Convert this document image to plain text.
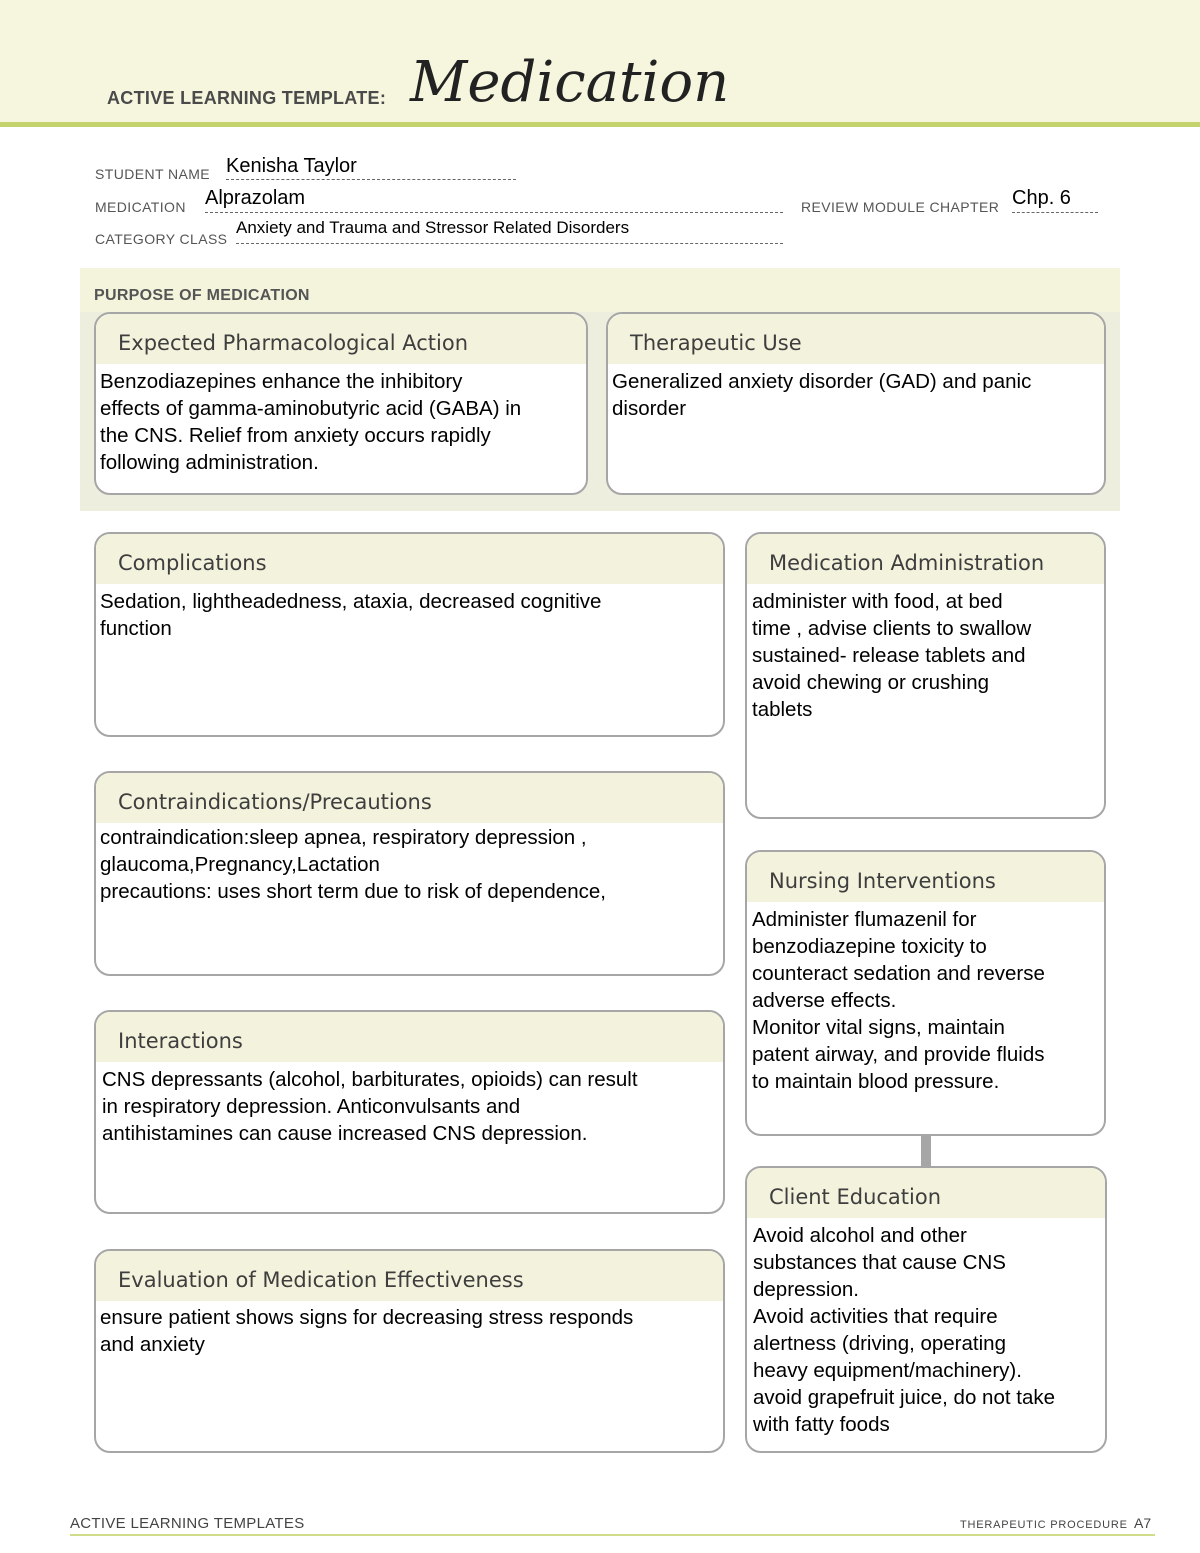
ACTIVE LEARNING TEMPLATE: Medication
STUDENT NAME Kenisha Taylor
MEDICATION Alprazolam	REVIEW MODULE CHAPTER Chp. 6
CATEGORY CLASS
Anxiety and Trauma and Stressor Related Disorders
PURPOSE OF MEDICATION
Expected Pharmacological Action
Benzodiazepines enhance the inhibitory
effects of gamma-aminobutyric acid (GABA) in
the CNS. Relief from anxiety occurs rapidly
following administration.
Therapeutic Use
Generalized anxiety disorder (GAD) and panic
disorder
Complications
Sedation, lightheadedness, ataxia, decreased cognitive
function
Contraindications/Precautions
contraindication:sleep apnea, respiratory depression ,
glaucoma,Pregnancy,Lactation
precautions: uses short term due to risk of dependence,
Interactions
CNS depressants (alcohol, barbiturates, opioids) can result
in respiratory depression. Anticonvulsants and
antihistamines can cause increased CNS depression.
Evaluation of Medication Effectiveness
ensure patient shows signs for decreasing stress responds
and anxiety
Medication Administration
administer with food, at bed
time , advise clients to swallow
sustained- release tablets and
avoid chewing or crushing
tablets
Nursing Interventions
Administer flumazenil for
benzodiazepine toxicity to
counteract sedation and reverse
adverse effects.
Monitor vital signs, maintain
patent airway, and provide fluids
to maintain blood pressure.
Client Education
Avoid alcohol and other
substances that cause CNS
depression.
Avoid activities that require
alertness (driving, operating
heavy equipment/machinery).
avoid grapefruit juice, do not take
with fatty foods
ACTIVE LEARNING TEMPLATES	THERAPEUTIC PROCEDURE A7
